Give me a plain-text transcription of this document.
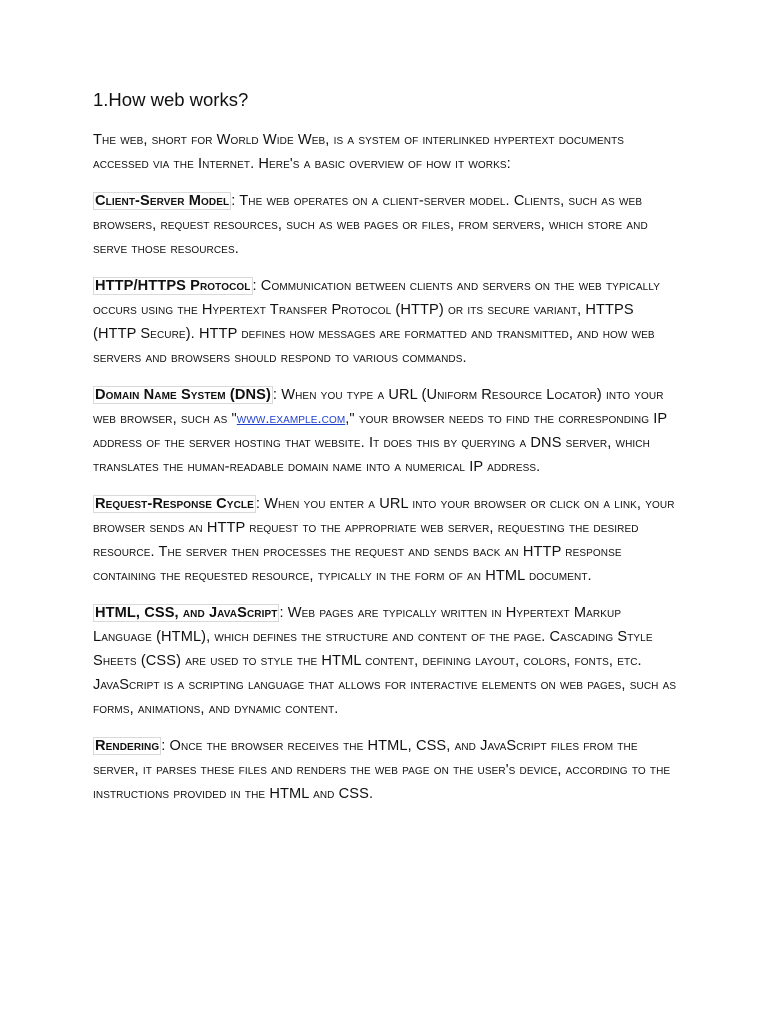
1.How web works?

The web, short for World Wide Web, is a system of interlinked hypertext documents accessed via the Internet. Here's a basic overview of how it works:

Client-Server Model : The web operates on a client-server model. Clients, such as web browsers, request resources, such as web pages or files, from servers, which store and serve those resources.

HTTP/HTTPS Protocol : Communication between clients and servers on the web typically occurs using the Hypertext Transfer Protocol (HTTP) or its secure variant, HTTPS (HTTP Secure). HTTP defines how messages are formatted and transmitted, and how web servers and browsers should respond to various commands.

Domain Name System (DNS) : When you type a URL (Uniform Resource Locator) into your web browser, such as "www.example.com," your browser needs to find the corresponding IP address of the server hosting that website. It does this by querying a DNS server, which translates the human-readable domain name into a numerical IP address.

Request-Response Cycle : When you enter a URL into your browser or click on a link, your browser sends an HTTP request to the appropriate web server, requesting the desired resource. The server then processes the request and sends back an HTTP response containing the requested resource, typically in the form of an HTML document.

HTML, CSS, and JavaScript : Web pages are typically written in Hypertext Markup Language (HTML), which defines the structure and content of the page. Cascading Style Sheets (CSS) are used to style the HTML content, defining layout, colors, fonts, etc. JavaScript is a scripting language that allows for interactive elements on web pages, such as forms, animations, and dynamic content.

Rendering : Once the browser receives the HTML, CSS, and JavaScript files from the server, it parses these files and renders the web page on the user's device, according to the instructions provided in the HTML and CSS.
